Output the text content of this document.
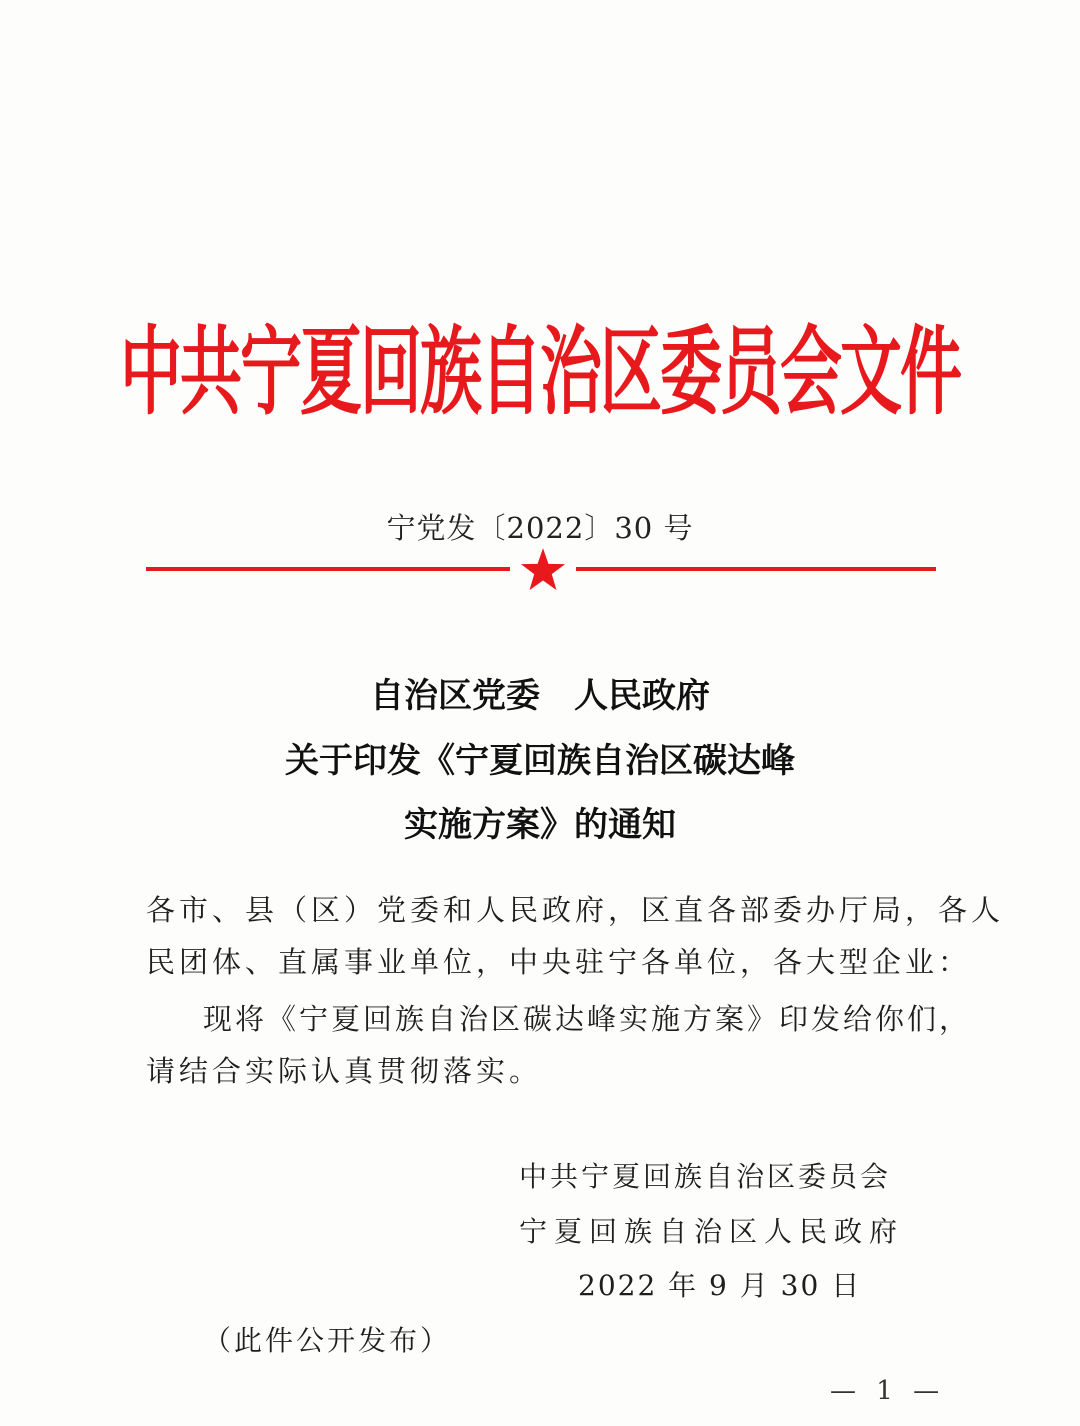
中共宁夏回族自治区委员会文件
宁党发〔2022〕30 号
自治区党委　人民政府
关于印发《宁夏回族自治区碳达峰
实施方案》的通知
各市、县（区）党委和人民政府，区直各部委办厅局，各人
民团体、直属事业单位，中央驻宁各单位，各大型企业：
现将《宁夏回族自治区碳达峰实施方案》印发给你们，
请结合实际认真贯彻落实。
中共宁夏回族自治区委员会
宁夏回族自治区人民政府
2022 年 9 月 30 日
（此件公开发布）
— 1 —
